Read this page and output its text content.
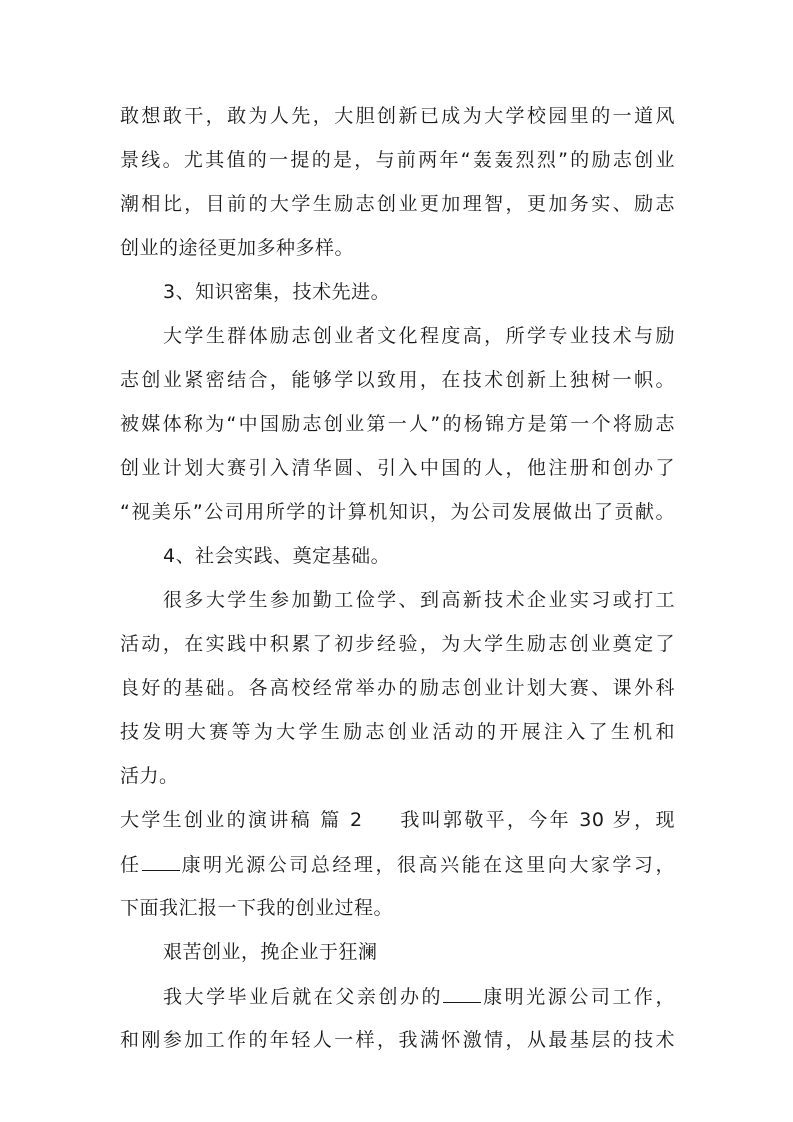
敢想敢干，敢为人先，大胆创新已成为大学校园里的一道风
景线。尤其值的一提的是，与前两年“轰轰烈烈”的励志创业
潮相比，目前的大学生励志创业更加理智，更加务实、励志
创业的途径更加多种多样。
3、知识密集，技术先进。
大学生群体励志创业者文化程度高，所学专业技术与励
志创业紧密结合，能够学以致用，在技术创新上独树一帜。
被媒体称为“中国励志创业第一人”的杨锦方是第一个将励志
创业计划大赛引入清华圆、引入中国的人，他注册和创办了
“视美乐”公司用所学的计算机知识，为公司发展做出了贡献。
4、社会实践、奠定基础。
很多大学生参加勤工俭学、到高新技术企业实习或打工
活动，在实践中积累了初步经验，为大学生励志创业奠定了
良好的基础。各高校经常举办的励志创业计划大赛、课外科
技发明大赛等为大学生励志创业活动的开展注入了生机和
活力。
大学生创业的演讲稿 篇 2 我叫郭敬平，今年 30 岁，现
任 康明光源公司总经理，很高兴能在这里向大家学习，
下面我汇报一下我的创业过程。
艰苦创业，挽企业于狂澜
我大学毕业后就在父亲创办的 康明光源公司工作，
和刚参加工作的年轻人一样，我满怀激情，从最基层的技术
